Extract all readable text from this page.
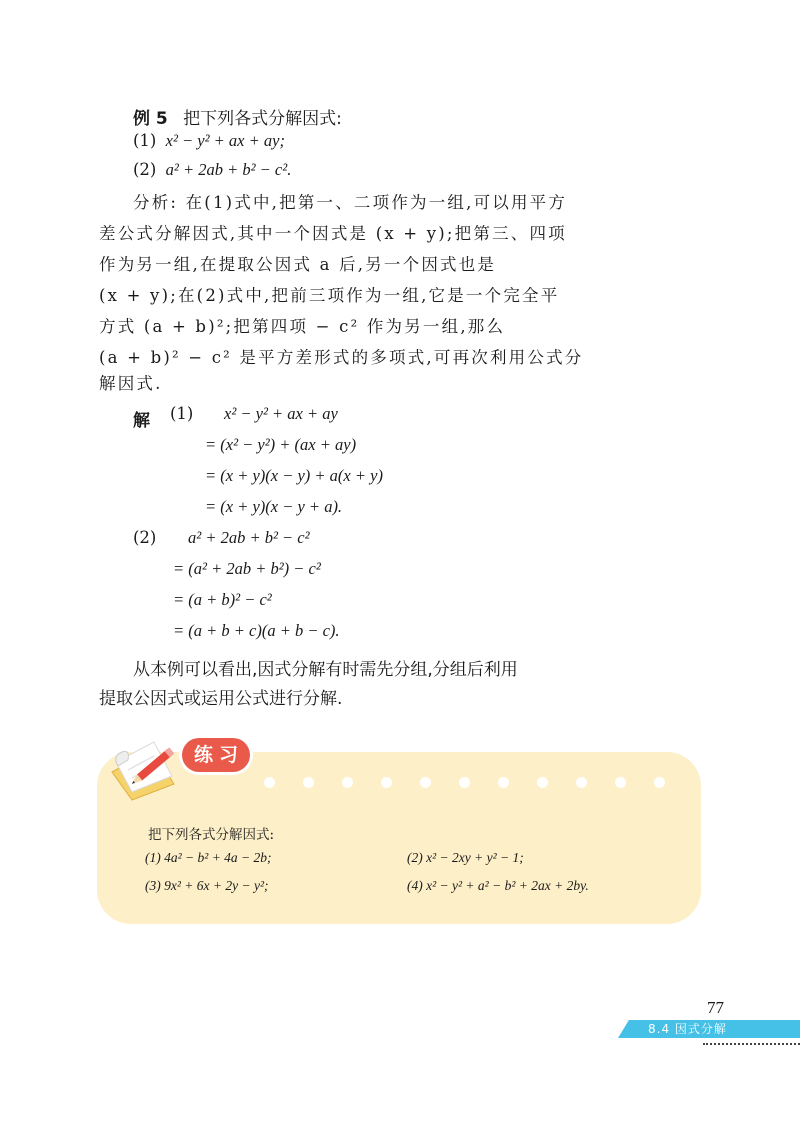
例 5 把下列各式分解因式:
(1) x² − y² + ax + ay;
(2) a² + 2ab + b² − c².
分析: 在(1)式中,把第一、二项作为一组,可以用平方
差公式分解因式,其中一个因式是 (x + y);把第三、四项
作为另一组,在提取公因式 a 后,另一个因式也是
(x + y);在(2)式中,把前三项作为一组,它是一个完全平
方式 (a + b)²;把第四项 − c² 作为另一组,那么
(a + b)² − c² 是平方差形式的多项式,可再次利用公式分
解因式.
解 (1) x² − y² + ax + ay
= (x² − y²) + (ax + ay)
= (x + y)(x − y) + a(x + y)
= (x + y)(x − y + a).
(2) a² + 2ab + b² − c²
= (a² + 2ab + b²) − c²
= (a + b)² − c²
= (a + b + c)(a + b − c).
从本例可以看出,因式分解有时需先分组,分组后利用
提取公因式或运用公式进行分解.
练习
把下列各式分解因式:
(1) 4a² − b² + 4a − 2b;	(2) x² − 2xy + y² − 1;
(3) 9x² + 6x + 2y − y²;	(4) x² − y² + a² − b² + 2ax + 2by.
77
8.4 因式分解
